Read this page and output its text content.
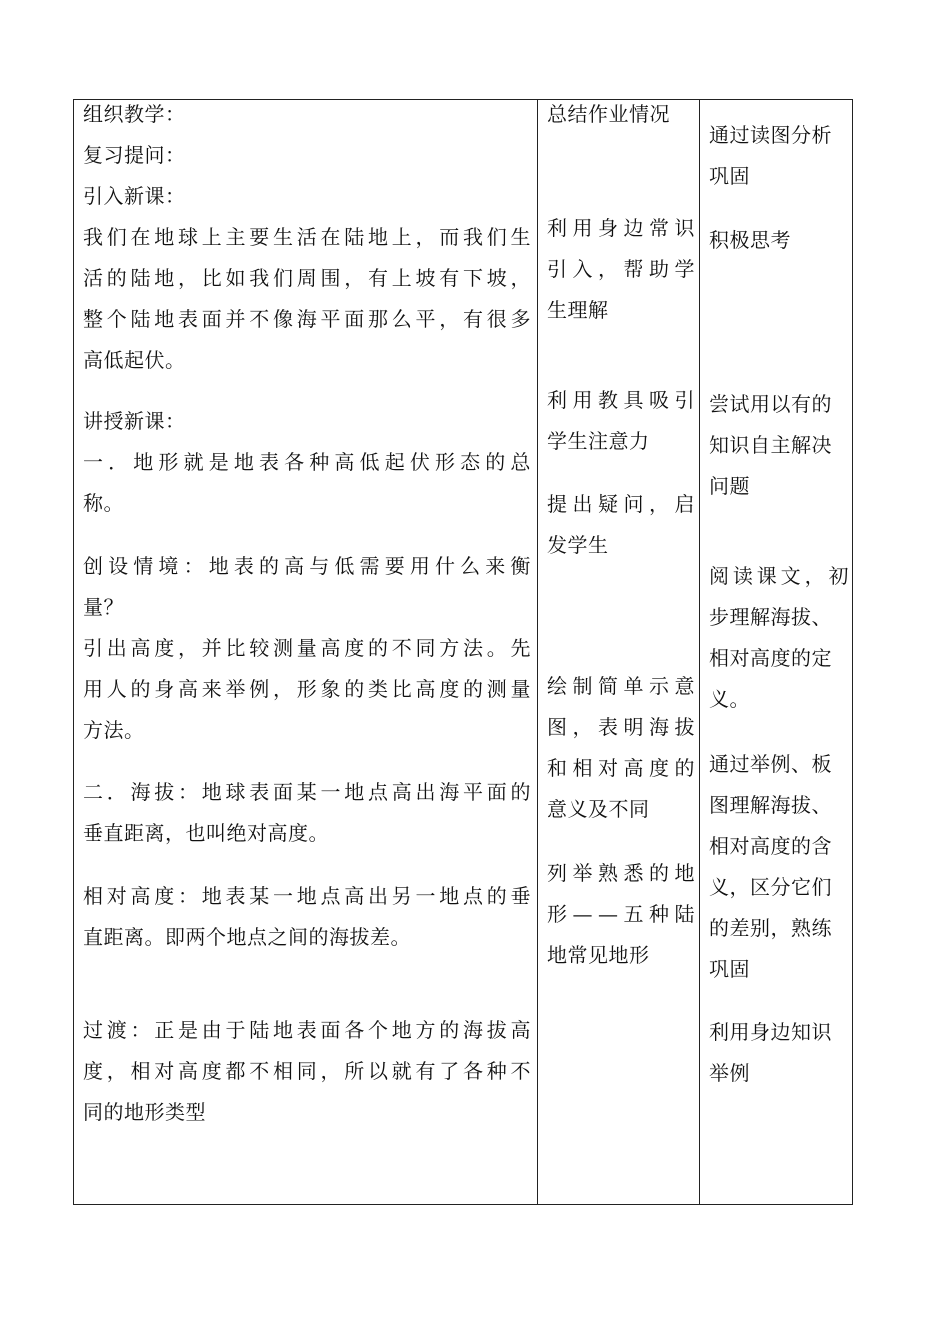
组织教学：
复习提问：
引入新课：
我 们 在 地 球 上 主 要 生 活 在 陆 地 上 ， 而 我 们 生
活 的 陆 地 ， 比 如 我 们 周 围 ， 有 上 坡 有 下 坡 ，
整 个 陆 地 表 面 并 不 像 海 平 面 那 么 平 ， 有 很 多
高低起伏。
讲授新课：
一 ． 地 形 就 是 地 表 各 种 高 低 起 伏 形 态 的 总
称。
创 设 情 境 ： 地 表 的 高 与 低 需 要 用 什 么 来 衡
量？
引 出 高 度 ， 并 比 较 测 量 高 度 的 不 同 方 法 。 先
用 人 的 身 高 来 举 例 ， 形 象 的 类 比 高 度 的 测 量
方法。
二 ． 海 拔 ： 地 球 表 面 某 一 地 点 高 出 海 平 面 的
垂直距离，也叫绝对高度。
相 对 高 度 ： 地 表 某 一 地 点 高 出 另 一 地 点 的 垂
直距离。即两个地点之间的海拔差。
过 渡 ： 正 是 由 于 陆 地 表 面 各 个 地 方 的 海 拔 高
度 ， 相 对 高 度 都 不 相 同 ， 所 以 就 有 了 各 种 不
同的地形类型
总结作业情况
利 用 身 边 常 识
引 入 ， 帮 助 学
生理解
利 用 教 具 吸 引
学生注意力
提 出 疑 问 ， 启
发学生
绘 制 简 单 示 意
图 ， 表 明 海 拔
和 相 对 高 度 的
意义及不同
列 举 熟 悉 的 地
形 — — 五 种 陆
地常见地形
通过读图分析
巩固
积极思考
尝试用以有的
知识自主解决
问题
阅 读 课 文 ， 初
步理解海拔、
相对高度的定
义。
通过举例、板
图理解海拔、
相对高度的含
义，区分它们
的差别，熟练
巩固
利用身边知识
举例
